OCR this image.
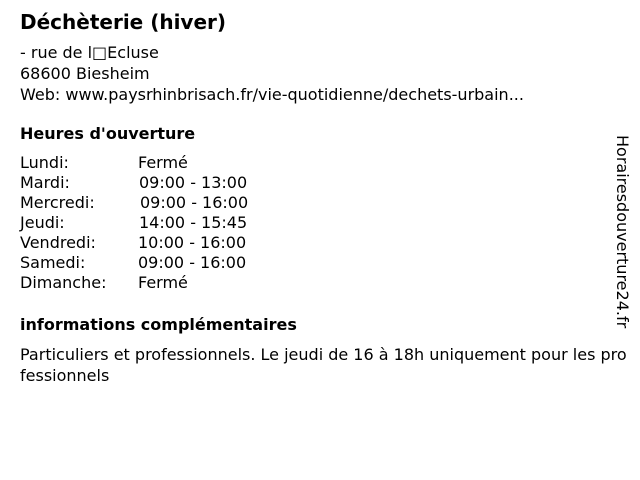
Déchèterie (hiver)
- rue de l□Ecluse
68600 Biesheim
Web: www.paysrhinbrisach.fr/vie-quotidienne/dechets-urbain...
Heures d'ouverture
Lundi:	Fermé
Mardi:	09:00 - 13:00
Mercredi:	09:00 - 16:00
Jeudi:	14:00 - 15:45
Vendredi:	10:00 - 16:00
Samedi:	09:00 - 16:00
Dimanche: Fermé
informations complémentaires
Particuliers et professionnels. Le jeudi de 16 à 18h uniquement pour les professionnels
Horairesdouverture24.fr
